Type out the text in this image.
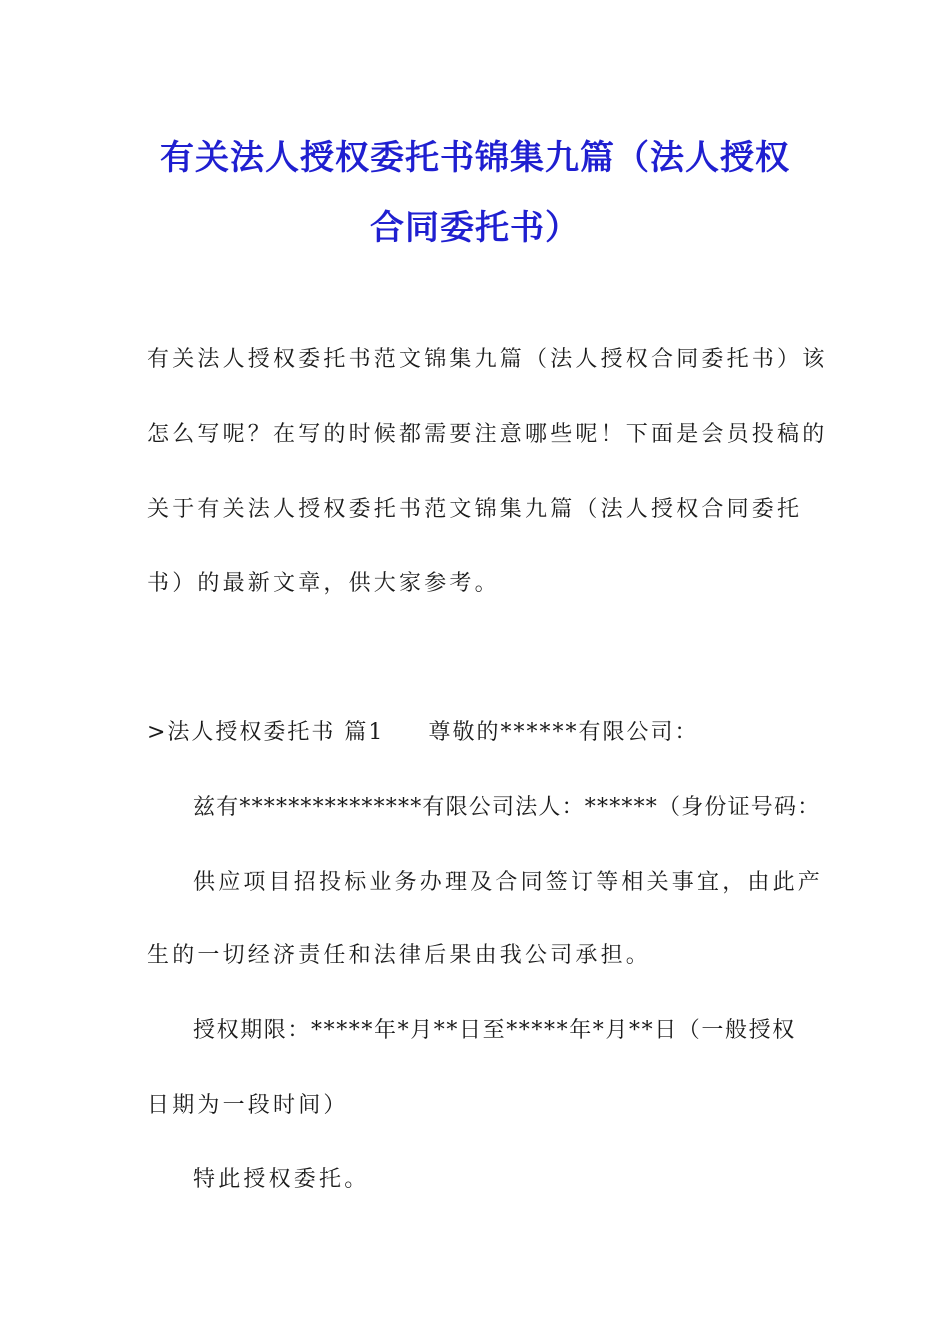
有关法人授权委托书锦集九篇（法人授权
合同委托书）
有关法人授权委托书范文锦集九篇（法人授权合同委托书）该
怎么写呢？在写的时候都需要注意哪些呢！下面是会员投稿的
关于有关法人授权委托书范文锦集九篇（法人授权合同委托
书）的最新文章，供大家参考。
>法人授权委托书 篇1 尊敬的******有限公司：
兹有***************有限公司法人：******（身份证号码：
供应项目招投标业务办理及合同签订等相关事宜，由此产
生的一切经济责任和法律后果由我公司承担。
授权期限：*****年*月**日至*****年*月**日（一般授权
日期为一段时间）
特此授权委托。
